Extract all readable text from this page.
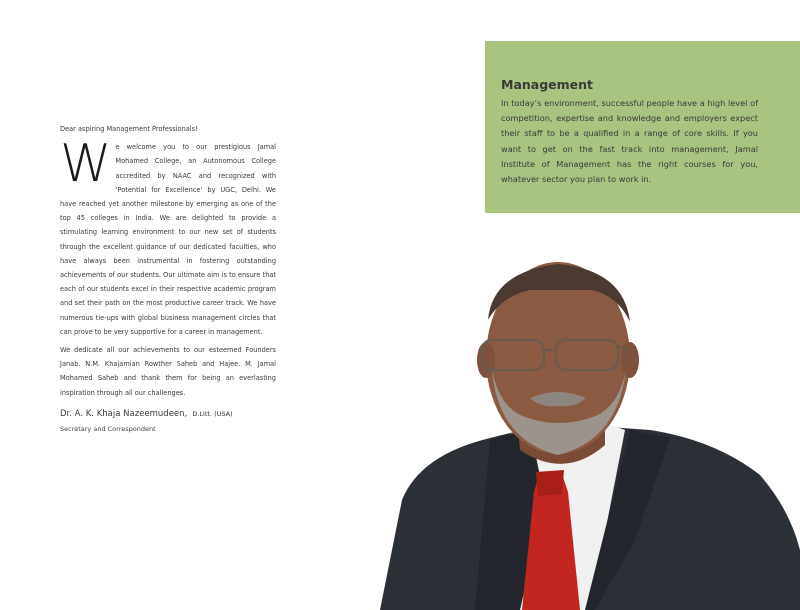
Dear aspiring Management Professionals!

We welcome you to our prestigious Jamal Mohamed College, an Autonomous College accredited by NAAC and recognized with ‘Potential for Excellence’ by UGC, Delhi. We have reached yet another milestone by emerging as one of the top 45 colleges in India. We are delighted to provide a stimulating learning environment to our new set of students through the excellent guidance of our dedicated faculties, who have always been instrumental in fostering outstanding achievements of our students. Our ultimate aim is to ensure that each of our students excel in their respective academic program and set their path on the most productive career track. We have numerous tie-ups with global business management circles that can prove to be very supportive for a career in management.

We dedicate all our achievements to our esteemed Founders Janab. N.M. Khajamian Rowther Saheb and Hajee. M. Jamal Mohamed Saheb and thank them for being an everlasting inspiration through all our challenges.

Dr. A. K. Khaja Nazeemudeen, D.Litt. (USA)
Secretary and Correspondent
Management

In today’s environment, successful people have a high level of competition, expertise and knowledge and employers expect their staff to be a qualified in a range of core skills. If you want to get on the fast track into management, Jamal Institute of Management has the right courses for you, whatever sector you plan to work in.
